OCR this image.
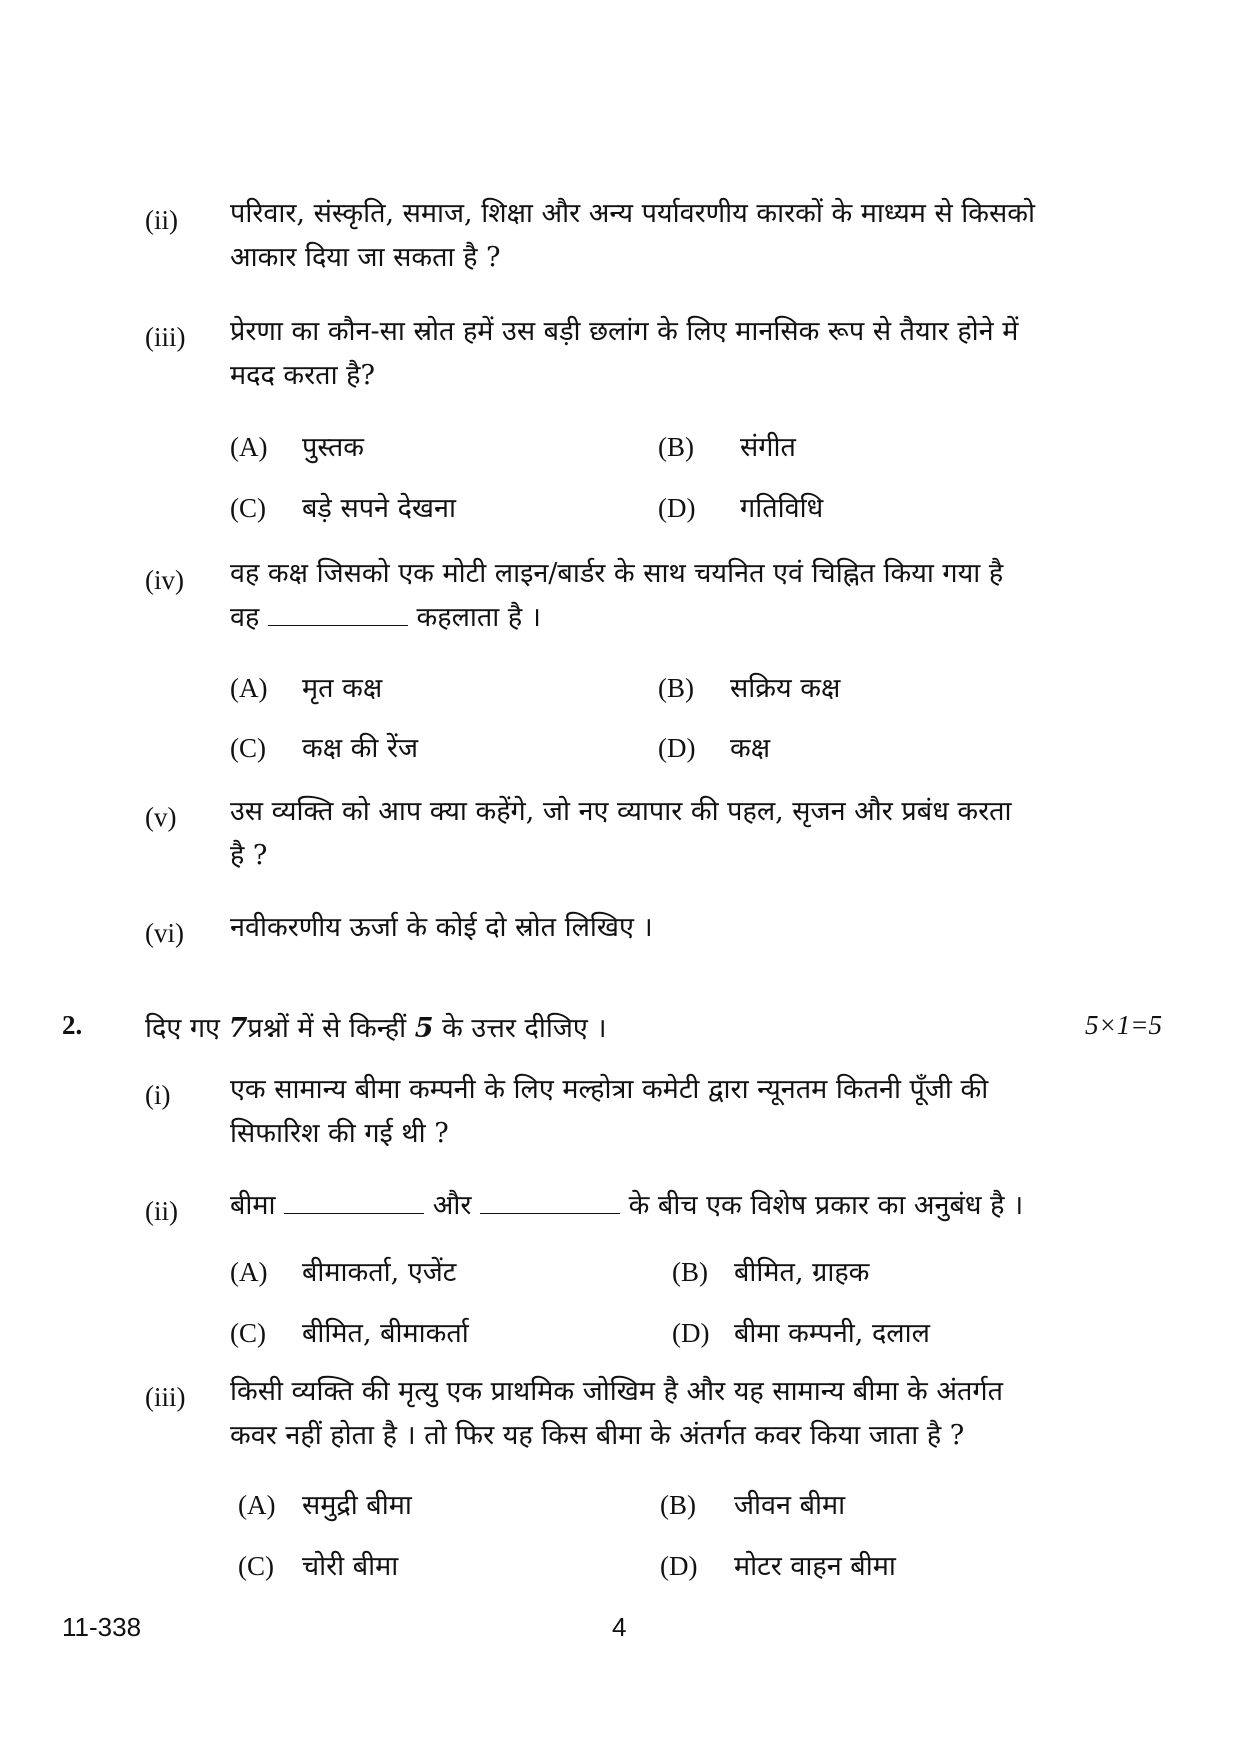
(ii) परिवार, संस्कृति, समाज, शिक्षा और अन्य पर्यावरणीय कारकों के माध्यम से किसको
आकार दिया जा सकता है ?
(iii) प्रेरणा का कौन-सा स्रोत हमें उस बड़ी छलांग के लिए मानसिक रूप से तैयार होने में
मदद करता है?
(A) पुस्तक	(B) संगीत
(C) बड़े सपने देखना	(D) गतिविधि
(iv) वह कक्ष जिसको एक मोटी लाइन/बार्डर के साथ चयनित एवं चिह्नित किया गया है
वह	कहलाता है ।
(A) मृत कक्ष	(B) सक्रिय कक्ष
(C) कक्ष की रेंज	(D) कक्ष
(v) उस व्यक्ति को आप क्या कहेंगे, जो नए व्यापार की पहल, सृजन और प्रबंध करता
है ?
(vi) नवीकरणीय ऊर्जा के कोई दो स्रोत लिखिए ।
2. दिए गए 7प्रश्नों में से किन्हीं 5 के उत्तर दीजिए ।	5×1=5
(i) एक सामान्य बीमा कम्पनी के लिए मल्होत्रा कमेटी द्वारा न्यूनतम कितनी पूँजी की
सिफारिश की गई थी ?
(ii) बीमा	और	के बीच एक विशेष प्रकार का अनुबंध है ।
(A) बीमाकर्ता, एजेंट	(B) बीमित, ग्राहक
(C) बीमित, बीमाकर्ता	(D) बीमा कम्पनी, दलाल
(iii) किसी व्यक्ति की मृत्यु एक प्राथमिक जोखिम है और यह सामान्य बीमा के अंतर्गत
कवर नहीं होता है । तो फिर यह किस बीमा के अंतर्गत कवर किया जाता है ?
(A) समुद्री बीमा	(B) जीवन बीमा
(C) चोरी बीमा	(D) मोटर वाहन बीमा
11-338	4
